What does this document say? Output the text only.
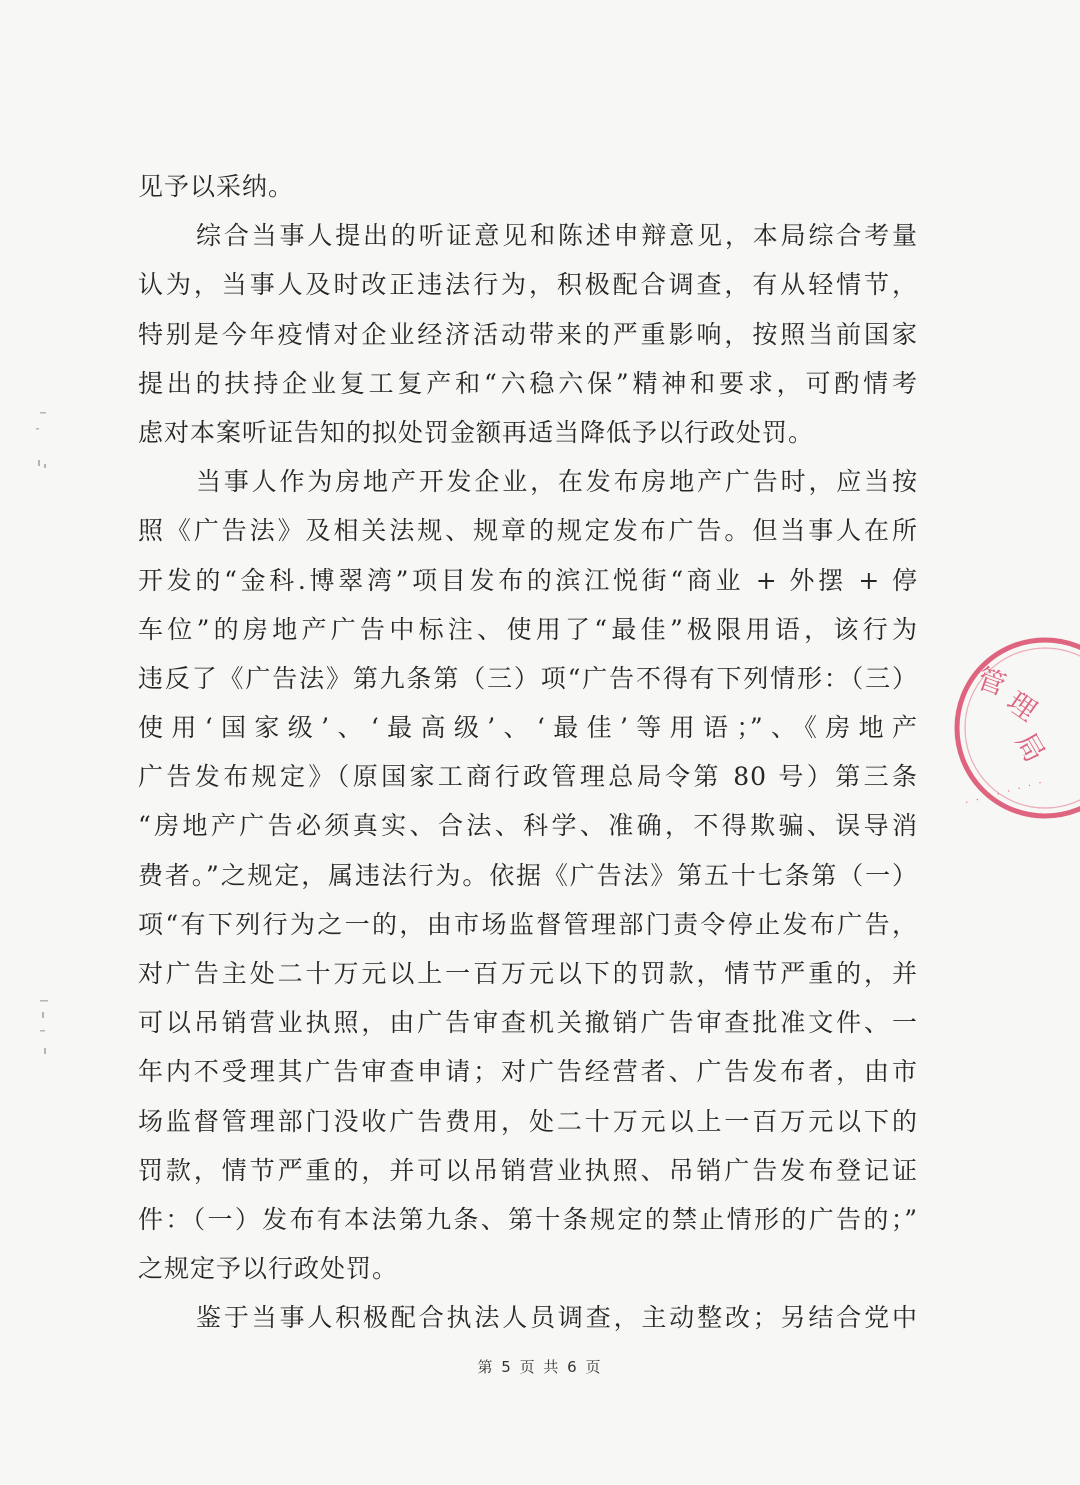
见予以采纳。
综合当事人提出的听证意见和陈述申辩意见，本局综合考量
认为，当事人及时改正违法行为，积极配合调查，有从轻情节，
特别是今年疫情对企业经济活动带来的严重影响，按照当前国家
提出的扶持企业复工复产和“六稳六保”精神和要求，可酌情考
虑对本案听证告知的拟处罚金额再适当降低予以行政处罚。
当事人作为房地产开发企业，在发布房地产广告时，应当按
照《广告法》及相关法规、规章的规定发布广告。但当事人在所
开发的“金科.博翠湾”项目发布的滨江悦街“商业 + 外摆 + 停
车位”的房地产广告中标注、使用了“最佳”极限用语，该行为
违反了《广告法》第九条第（三）项“广告不得有下列情形：（三）
使用‘国家级’、‘最高级’、‘最佳’等用语；”、《房地产
广告发布规定》（原国家工商行政管理总局令第 80 号）第三条
“房地产广告必须真实、合法、科学、准确，不得欺骗、误导消
费者。”之规定，属违法行为。依据《广告法》第五十七条第（一）
项“有下列行为之一的，由市场监督管理部门责令停止发布广告，
对广告主处二十万元以上一百万元以下的罚款，情节严重的，并
可以吊销营业执照，由广告审查机关撤销广告审查批准文件、一
年内不受理其广告审查申请；对广告经营者、广告发布者，由市
场监督管理部门没收广告费用，处二十万元以上一百万元以下的
罚款，情节严重的，并可以吊销营业执照、吊销广告发布登记证
件：（一）发布有本法第九条、第十条规定的禁止情形的广告的；”
之规定予以行政处罚。
鉴于当事人积极配合执法人员调查，主动整改；另结合党中
第 5 页 共 6 页
管
理
局
· · · · · · · ·
